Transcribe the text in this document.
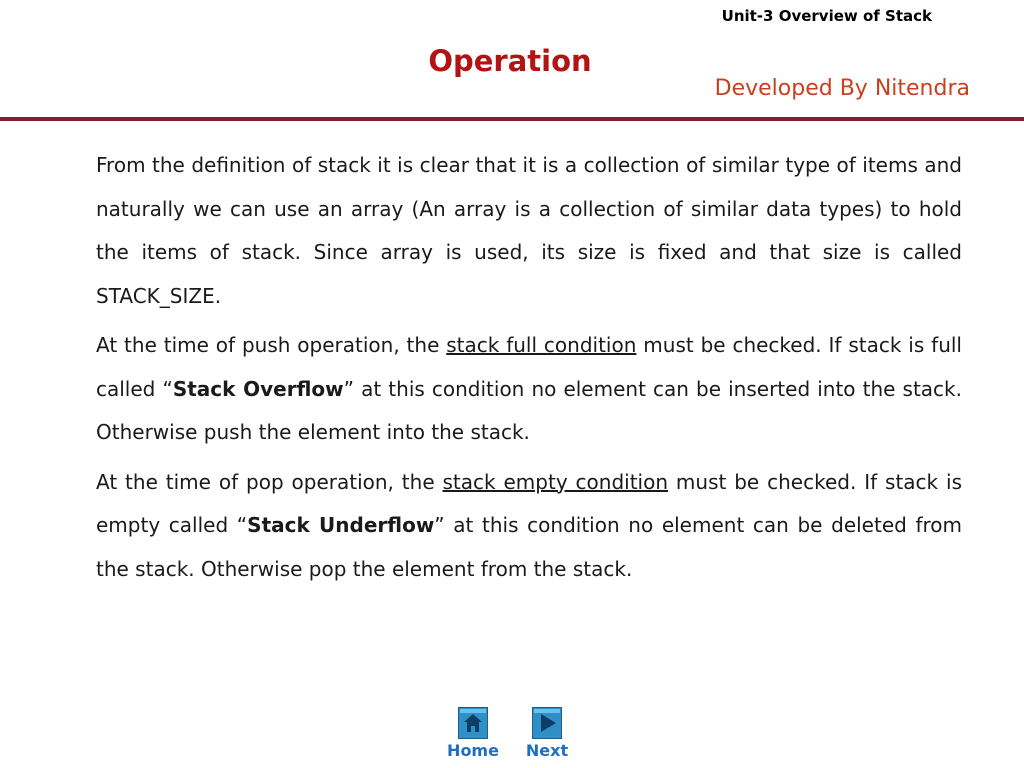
Unit-3 Overview of Stack
Operation
Developed By Nitendra

From the definition of stack it is clear that it is a collection of similar type of items and naturally we can use an array (An array is a collection of similar data types) to hold the items of stack. Since array is used, its size is fixed and that size is called STACK_SIZE.

At the time of push operation, the stack full condition must be checked. If stack is full called “Stack Overflow” at this condition no element can be inserted into the stack. Otherwise push the element into the stack.

At the time of pop operation, the stack empty condition must be checked. If stack is empty called “Stack Underflow” at this condition no element can be deleted from the stack. Otherwise pop the element from the stack.

Home	Next
